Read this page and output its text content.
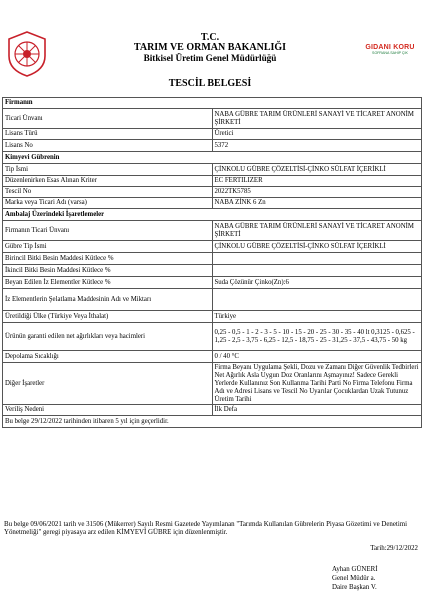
GIDANI KORU
SOFRANA SAHİP ÇIK
T.C.
TARIM VE ORMAN BAKANLIĞI
Bitkisel Üretim Genel Müdürlüğü
TESCİL BELGESİ
Firmanın	
Ticari Ünvanı	NABA GÜBRE TARIM ÜRÜNLERİ SANAYİ VE TİCARET ANONİM ŞİRKETİ
Lisans Türü	Üretici
Lisans No	5372
Kimyevi Gübrenin	
Tip İsmi	ÇİNKOLU GÜBRE ÇÖZELTİSİ-ÇİNKO SÜLFAT İÇERİKLİ
Düzenlenirken Esas Alınan Kriter	EC FERTILIZER
Tescil No	2022TK5785
Marka veya Ticari Adı (varsa)	NABA ZİNK 6 Zn
Ambalaj Üzerindeki İşaretlemeler	
Firmanın Ticari Ünvanı	NABA GÜBRE TARIM ÜRÜNLERİ SANAYİ VE TİCARET ANONİM ŞİRKETİ
Gübre Tip İsmi	ÇİNKOLU GÜBRE ÇÖZELTİSİ-ÇİNKO SÜLFAT İÇERİKLİ
Birincil Bitki Besin Maddesi Kütlece %	
İkincil Bitki Besin Maddesi Kütlece %	
Beyan Edilen İz Elementler Kütlece %	Suda Çözünür Çinko(Zn):6
İz Elementlerin Şelatlama Maddesinin Adı ve Miktarı	
Üretildiği Ülke (Türkiye Veya İthalat)	Türkiye
Ürünün garanti edilen net ağırlıkları veya hacimleri	0,25 - 0,5 - 1 - 2 - 3 - 5 - 10 - 15 - 20 - 25 - 30 - 35 - 40 lt 0,3125 - 0,625 - 1,25 - 2,5 - 3,75 - 6,25 - 12,5 - 18,75 - 25 - 31,25 - 37,5 - 43,75 - 50 kg
Depolama Sıcaklığı	0 / 40 °C
Diğer İşaretler	Firma Beyanı Uygulama Şekli, Dozu ve Zamanı Diğer Güvenlik Tedbirleri Net Ağırlık Asla Uygun Doz Oranlarını Aşmayınız! Sadece Gerekli Yerlerde Kullanınız Son Kullanma Tarihi Parti No Firma Telefonu Firma Adı ve Adresi Lisans ve Tescil No Uyarılar Çocuklardan Uzak Tutunuz Üretim Tarihi
Veriliş Nedeni	İlk Defa
Bu belge 29/12/2022 tarihinden itibaren 5 yıl için geçerlidir.	
Bu belge 09/06/2021 tarih ve 31506 (Mükerrer) Sayılı Resmi Gazetede Yayımlanan "Tarımda Kullanılan Gübrelerin Piyasa Gözetimi ve Denetimi Yönetmeliği" geregi piyasaya arz edilen KİMYEVİ GÜBRE için düzenlenmiştir.
Tarih:29/12/2022
Ayhan GÜNERİ
Genel Müdür a.
Daire Başkan V.
